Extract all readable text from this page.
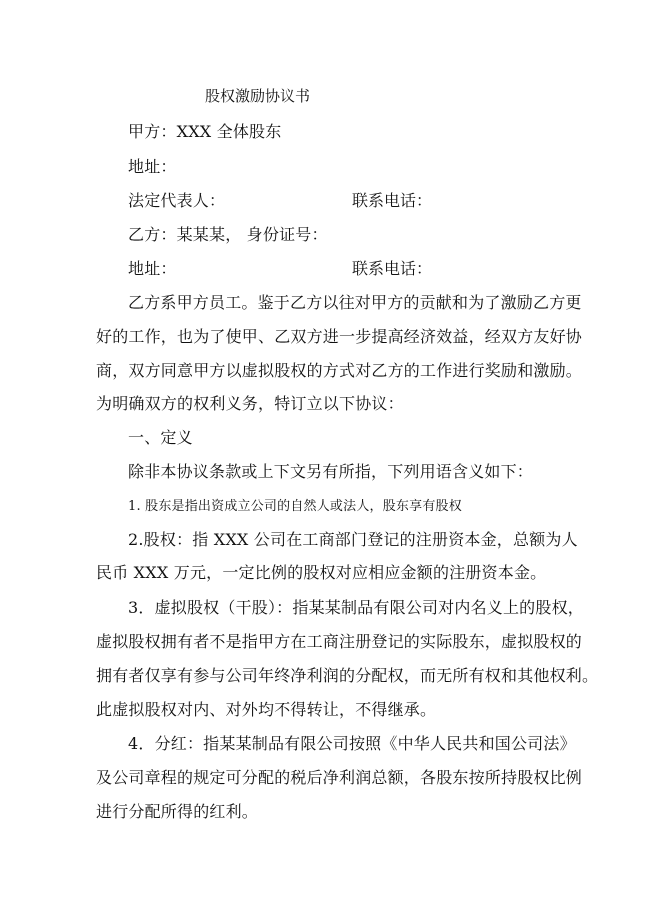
股权激励协议书
甲方：XXX 全体股东
地址：
法定代表人：	联系电话：
乙方：某某某， 身份证号：
地址：	联系电话：
乙方系甲方员工。鉴于乙方以往对甲方的贡献和为了激励乙方更
好的工作，也为了使甲、乙双方进一步提高经济效益，经双方友好协
商，双方同意甲方以虚拟股权的方式对乙方的工作进行奖励和激励。
为明确双方的权利义务，特订立以下协议：
一、定义
除非本协议条款或上下文另有所指，下列用语含义如下：
1. 股东是指出资成立公司的自然人或法人，股东享有股权
2.股权：指 XXX 公司在工商部门登记的注册资本金，总额为人
民币 XXX 万元，一定比例的股权对应相应金额的注册资本金。
3．虚拟股权（干股）：指某某制品有限公司对内名义上的股权，
虚拟股权拥有者不是指甲方在工商注册登记的实际股东，虚拟股权的
拥有者仅享有参与公司年终净利润的分配权，而无所有权和其他权利。
此虚拟股权对内、对外均不得转让，不得继承。
4．分红：指某某制品有限公司按照《中华人民共和国公司法》
及公司章程的规定可分配的税后净利润总额，各股东按所持股权比例
进行分配所得的红利。
